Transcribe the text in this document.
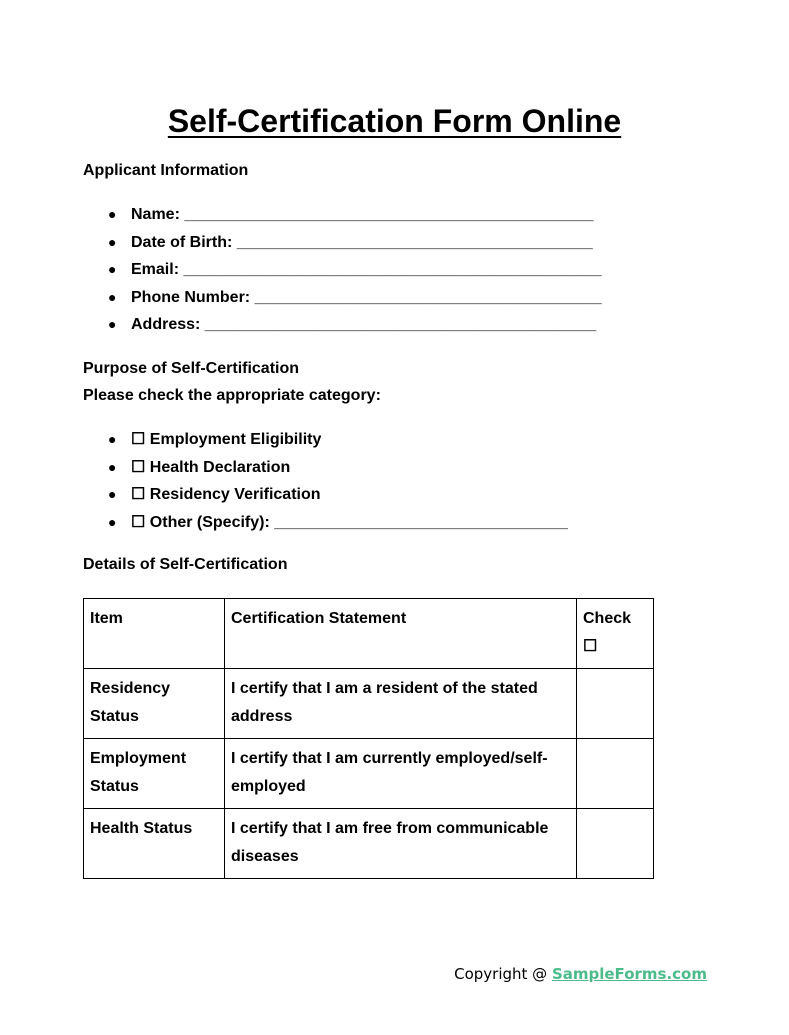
Self-Certification Form Online
Applicant Information
● Name: ______________________________________________
● Date of Birth: ________________________________________
● Email: _______________________________________________
● Phone Number: _______________________________________
● Address: ____________________________________________
Purpose of Self-Certification
Please check the appropriate category:
● ☐ Employment Eligibility
● ☐ Health Declaration
● ☐ Residency Verification
● ☐ Other (Specify): _________________________________
Details of Self-Certification
Item	Certification Statement	Check ☐
Residency Status	I certify that I am a resident of the stated address	
Employment Status	I certify that I am currently employed/self-employed	
Health Status	I certify that I am free from communicable diseases	
Copyright @ SampleForms.com
